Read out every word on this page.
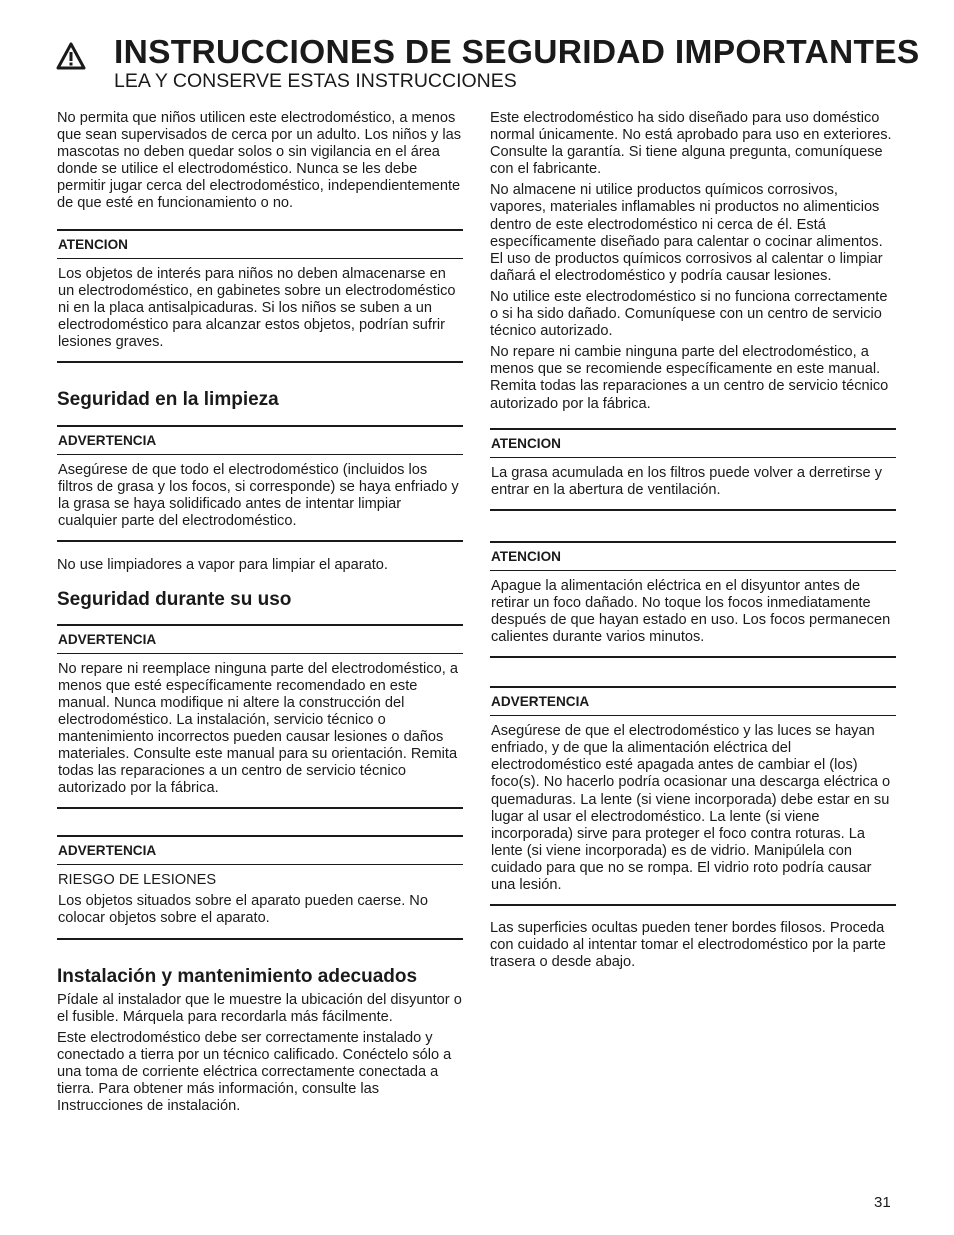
INSTRUCCIONES DE SEGURIDAD IMPORTANTES
LEA Y CONSERVE ESTAS INSTRUCCIONES

No permita que niños utilicen este electrodoméstico, a menos que sean supervisados de cerca por un adulto. Los niños y las mascotas no deben quedar solos o sin vigilancia en el área donde se utilice el electrodoméstico. Nunca se les debe permitir jugar cerca del electrodoméstico, independientemente de que esté en funcionamiento o no.

ATENCION

Los objetos de interés para niños no deben almacenarse en un electrodoméstico, en gabinetes sobre un electrodoméstico ni en la placa antisalpicaduras. Si los niños se suben a un electrodoméstico para alcanzar estos objetos, podrían sufrir lesiones graves.

Seguridad en la limpieza
ADVERTENCIA

Asegúrese de que todo el electrodoméstico (incluidos los filtros de grasa y los focos, si corresponde) se haya enfriado y la grasa se haya solidificado antes de intentar limpiar cualquier parte del electrodoméstico.

No use limpiadores a vapor para limpiar el aparato.

Seguridad durante su uso
ADVERTENCIA

No repare ni reemplace ninguna parte del electrodoméstico, a menos que esté específicamente recomendado en este manual. Nunca modifique ni altere la construcción del electrodoméstico. La instalación, servicio técnico o mantenimiento incorrectos pueden causar lesiones o daños materiales. Consulte este manual para su orientación. Remita todas las reparaciones a un centro de servicio técnico autorizado por la fábrica.

ADVERTENCIA

RIESGO DE LESIONES

Los objetos situados sobre el aparato pueden caerse. No colocar objetos sobre el aparato.

Instalación y mantenimiento adecuados

Pídale al instalador que le muestre la ubicación del disyuntor o el fusible. Márquela para recordarla más fácilmente.

Este electrodoméstico debe ser correctamente instalado y conectado a tierra por un técnico calificado. Conéctelo sólo a una toma de corriente eléctrica correctamente conectada a tierra. Para obtener más información, consulte las Instrucciones de instalación.

Este electrodoméstico ha sido diseñado para uso doméstico normal únicamente. No está aprobado para uso en exteriores. Consulte la garantía. Si tiene alguna pregunta, comuníquese con el fabricante.

No almacene ni utilice productos químicos corrosivos, vapores, materiales inflamables ni productos no alimenticios dentro de este electrodoméstico ni cerca de él. Está específicamente diseñado para calentar o cocinar alimentos. El uso de productos químicos corrosivos al calentar o limpiar dañará el electrodoméstico y podría causar lesiones.

No utilice este electrodoméstico si no funciona correctamente o si ha sido dañado. Comuníquese con un centro de servicio técnico autorizado.

No repare ni cambie ninguna parte del electrodoméstico, a menos que se recomiende específicamente en este manual. Remita todas las reparaciones a un centro de servicio técnico autorizado por la fábrica.

ATENCION

La grasa acumulada en los filtros puede volver a derretirse y entrar en la abertura de ventilación.

ATENCION

Apague la alimentación eléctrica en el disyuntor antes de retirar un foco dañado. No toque los focos inmediatamente después de que hayan estado en uso. Los focos permanecen calientes durante varios minutos.

ADVERTENCIA

Asegúrese de que el electrodoméstico y las luces se hayan enfriado, y de que la alimentación eléctrica del electrodoméstico esté apagada antes de cambiar el (los) foco(s). No hacerlo podría ocasionar una descarga eléctrica o quemaduras. La lente (si viene incorporada) debe estar en su lugar al usar el electrodoméstico. La lente (si viene incorporada) sirve para proteger el foco contra roturas. La lente (si viene incorporada) es de vidrio. Manipúlela con cuidado para que no se rompa. El vidrio roto podría causar una lesión.

Las superficies ocultas pueden tener bordes filosos. Proceda con cuidado al intentar tomar el electrodoméstico por la parte trasera o desde abajo.

31
